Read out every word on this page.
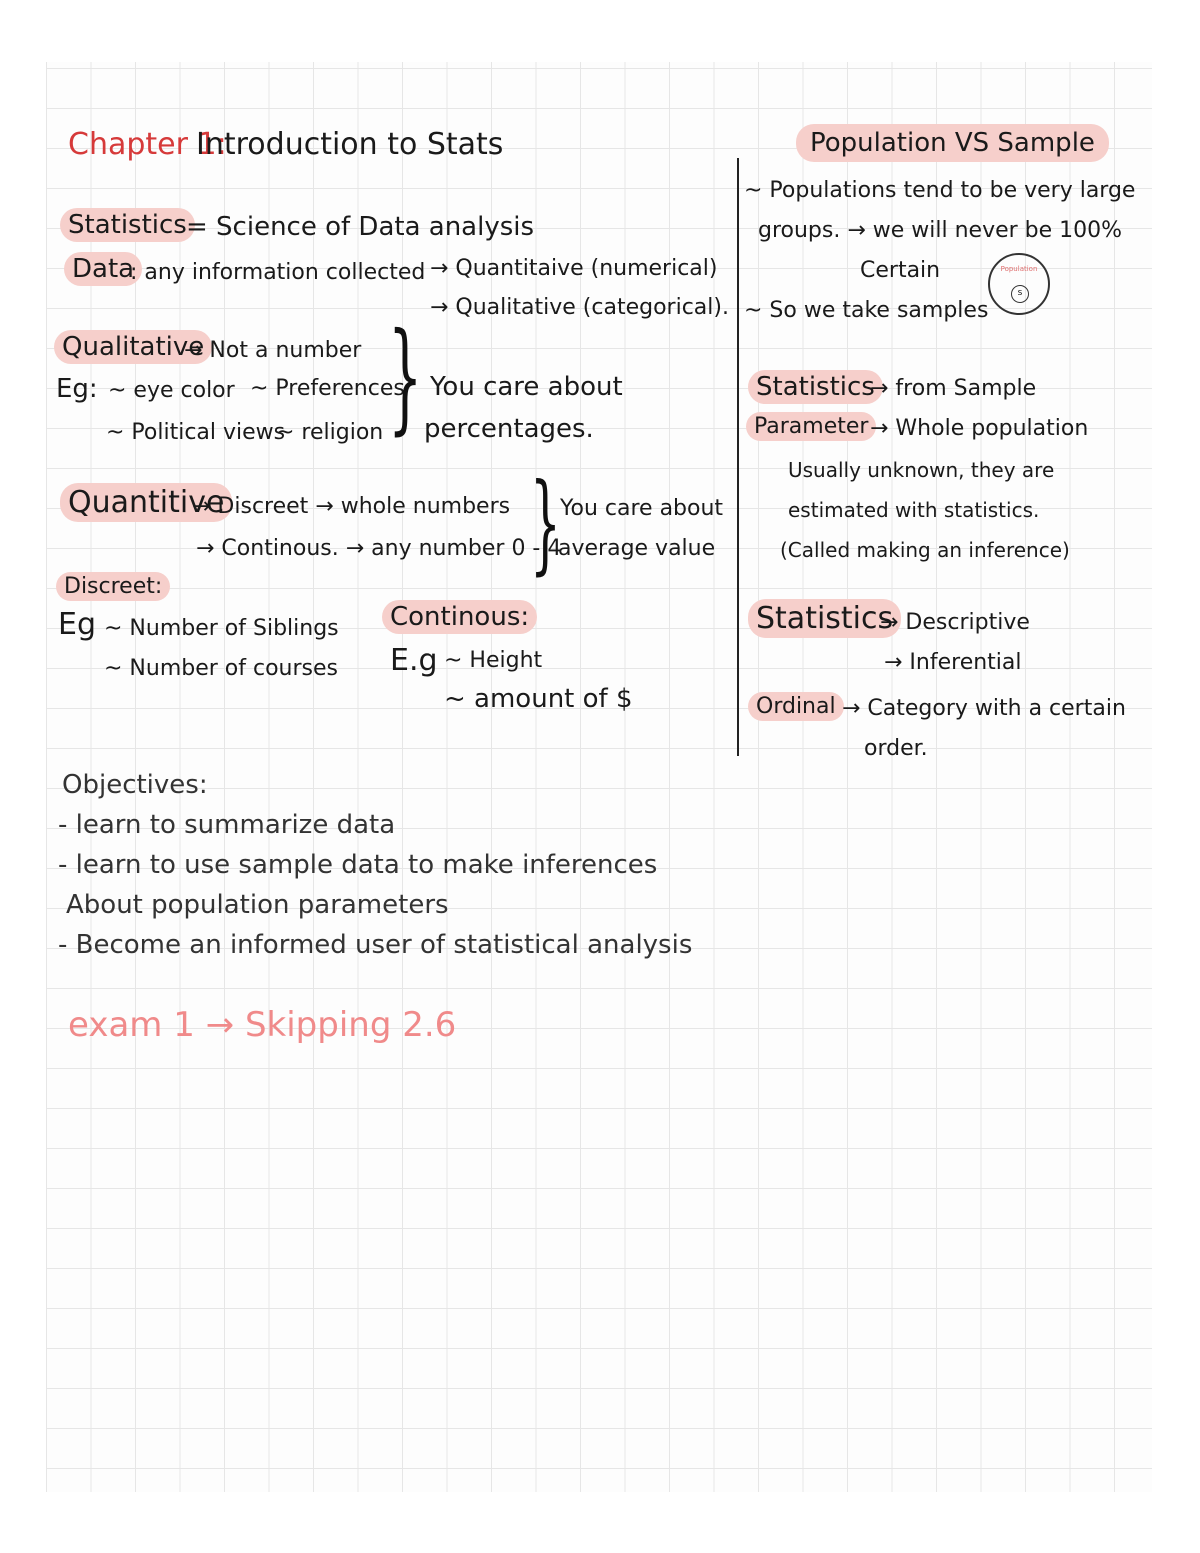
Chapter 1:
Introduction to Stats
Statistics = Science of Data analysis
Data
: any information collected → Quantitaive (numerical)
→ Qualitative (categorical).
Qualitative
→ Not a number
Eg: ~ eye color ~ Preferences
~ Political views
~ religion } You care about
percentages.
Quantitive
→ Discreet → whole numbers
→ Continous. → any number 0 - 4
} You care about
average value
Discreet:
Eg ~ Number of Siblings
~ Number of courses
Continous:
E.g ~ Height
~ amount of $
Population VS Sample
~ Populations tend to be very large
groups. → we will never be 100%
Certain
~ So we take samples
Population
s
Statistics
→ from Sample
Parameter → Whole population
Usually unknown, they are
estimated with statistics.
(Called making an inference)
Statistics
→ Descriptive
→ Inferential
Ordinal → Category with a certain
order.
Objectives:
- learn to summarize data
- learn to use sample data to make inferences
About population parameters
- Become an informed user of statistical analysis
exam 1 → Skipping 2.6
